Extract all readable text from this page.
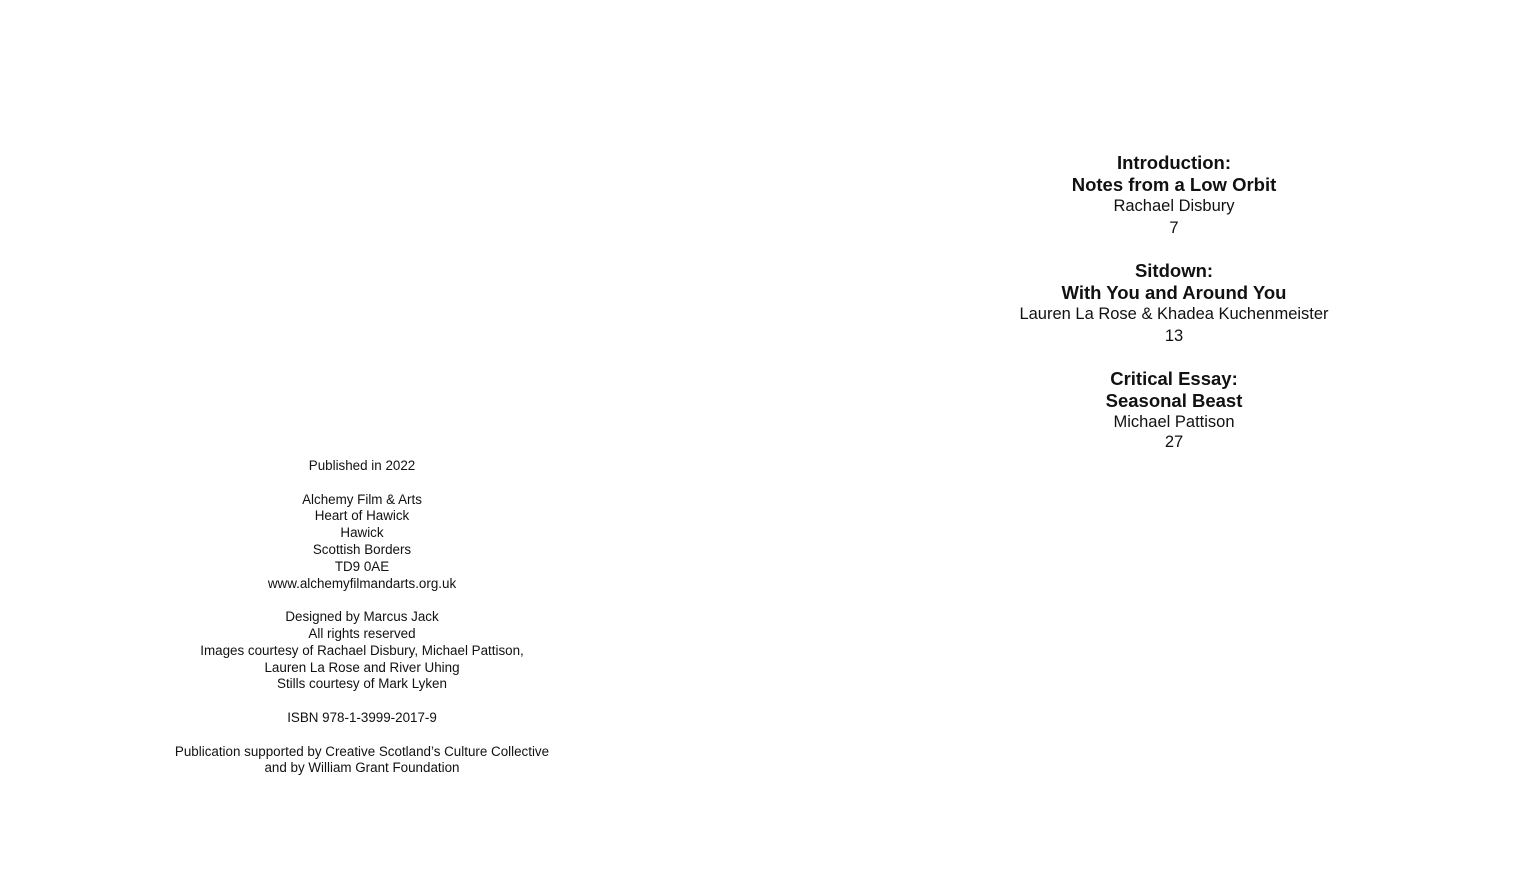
Published in 2022
Alchemy Film & Arts
Heart of Hawick
Hawick
Scottish Borders
TD9 0AE
www.alchemyfilmandarts.org.uk
Designed by Marcus Jack
All rights reserved
Images courtesy of Rachael Disbury, Michael Pattison,
Lauren La Rose and River Uhing
Stills courtesy of Mark Lyken
ISBN 978-1-3999-2017-9
Publication supported by Creative Scotland’s Culture Collective
and by William Grant Foundation
Introduction:
Notes from a Low Orbit
Rachael Disbury
7
Sitdown:
With You and Around You
Lauren La Rose & Khadea Kuchenmeister
13
Critical Essay:
Seasonal Beast
Michael Pattison
27
